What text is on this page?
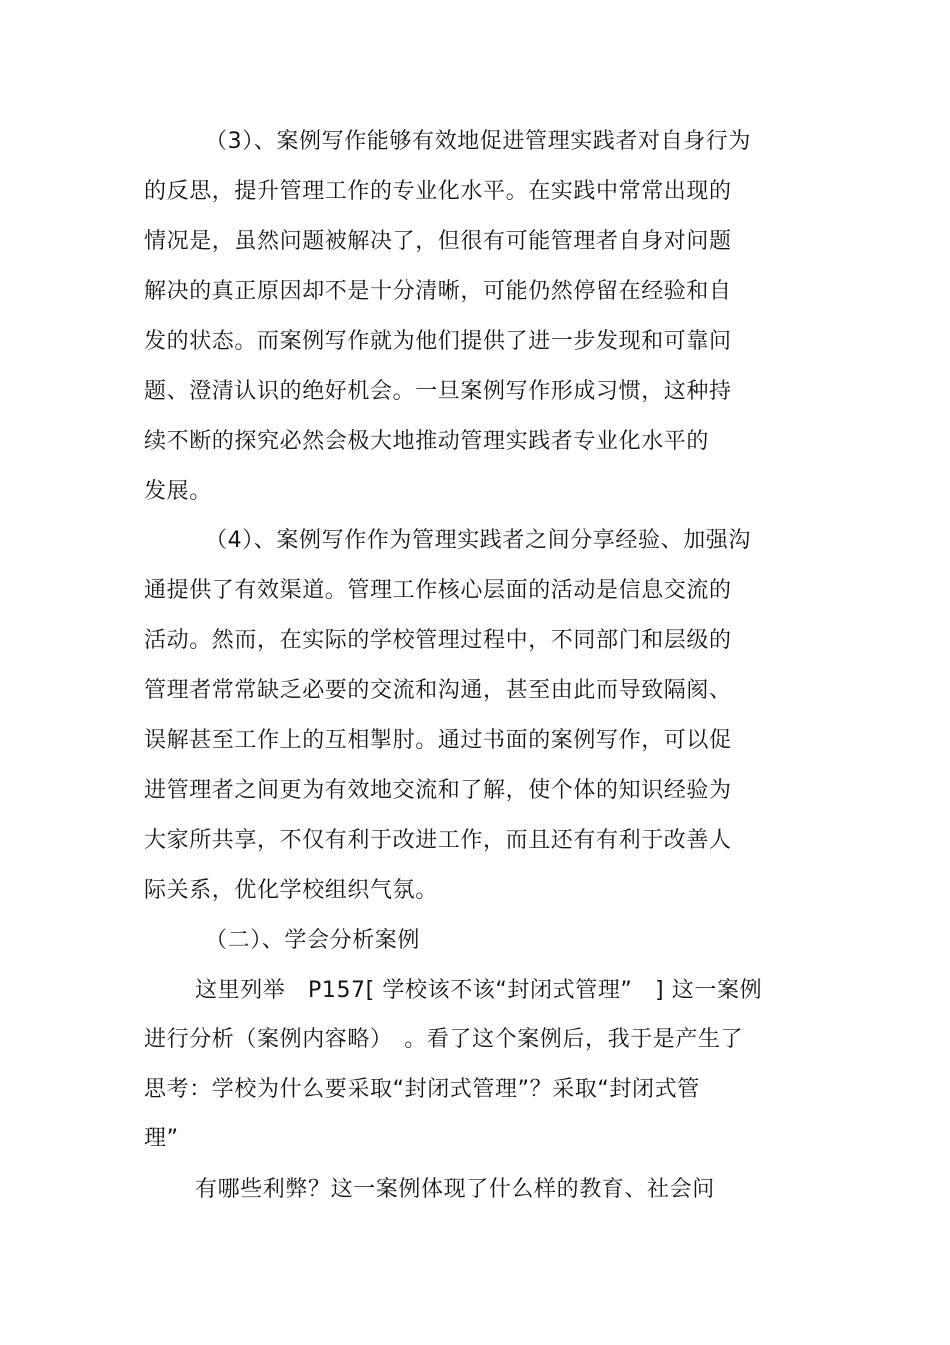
（3）、案例写作能够有效地促进管理实践者对自身行为
的反思，提升管理工作的专业化水平。在实践中常常出现的
情况是，虽然问题被解决了，但很有可能管理者自身对问题
解决的真正原因却不是十分清晰，可能仍然停留在经验和自
发的状态。而案例写作就为他们提供了进一步发现和可靠问
题、澄清认识的绝好机会。一旦案例写作形成习惯，这种持
续不断的探究必然会极大地推动管理实践者专业化水平的
发展。
（4）、案例写作作为管理实践者之间分享经验、加强沟
通提供了有效渠道。管理工作核心层面的活动是信息交流的
活动。然而，在实际的学校管理过程中，不同部门和层级的
管理者常常缺乏必要的交流和沟通，甚至由此而导致隔阂、
误解甚至工作上的互相掣肘。通过书面的案例写作，可以促
进管理者之间更为有效地交流和了解，使个体的知识经验为
大家所共享，不仅有利于改进工作，而且还有有利于改善人
际关系，优化学校组织气氛。
（二）、学会分析案例
这里列举　P157[ 学校该不该“封闭式管理”　] 这一案例
进行分析（案例内容略）　。看了这个案例后，我于是产生了
思考：学校为什么要采取“封闭式管理”？采取“封闭式管
理”
有哪些利弊？这一案例体现了什么样的教育、社会问
